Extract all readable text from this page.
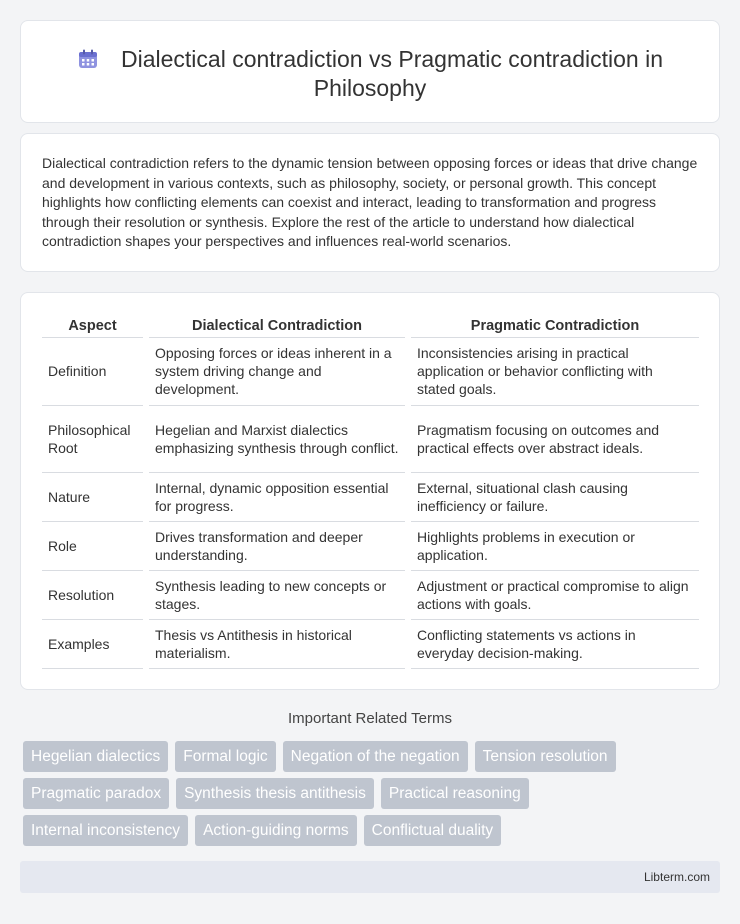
Dialectical contradiction vs Pragmatic contradiction in Philosophy

Dialectical contradiction refers to the dynamic tension between opposing forces or ideas that drive change and development in various contexts, such as philosophy, society, or personal growth. This concept highlights how conflicting elements can coexist and interact, leading to transformation and progress through their resolution or synthesis. Explore the rest of the article to understand how dialectical contradiction shapes your perspectives and influences real-world scenarios.

Aspect	Dialectical Contradiction	Pragmatic Contradiction
Definition	Opposing forces or ideas inherent in a system driving change and development.	Inconsistencies arising in practical application or behavior conflicting with stated goals.
Philosophical Root	Hegelian and Marxist dialectics emphasizing synthesis through conflict.	Pragmatism focusing on outcomes and practical effects over abstract ideals.
Nature	Internal, dynamic opposition essential for progress.	External, situational clash causing inefficiency or failure.
Role	Drives transformation and deeper understanding.	Highlights problems in execution or application.
Resolution	Synthesis leading to new concepts or stages.	Adjustment or practical compromise to align actions with goals.
Examples	Thesis vs Antithesis in historical materialism.	Conflicting statements vs actions in everyday decision-making.
Important Related Terms
Hegelian dialectics	Formal logic	Negation of the negation	Tension resolution
Pragmatic paradox	Synthesis thesis antithesis	Practical reasoning
Internal inconsistency	Action-guiding norms	Conflictual duality
Libterm.com
